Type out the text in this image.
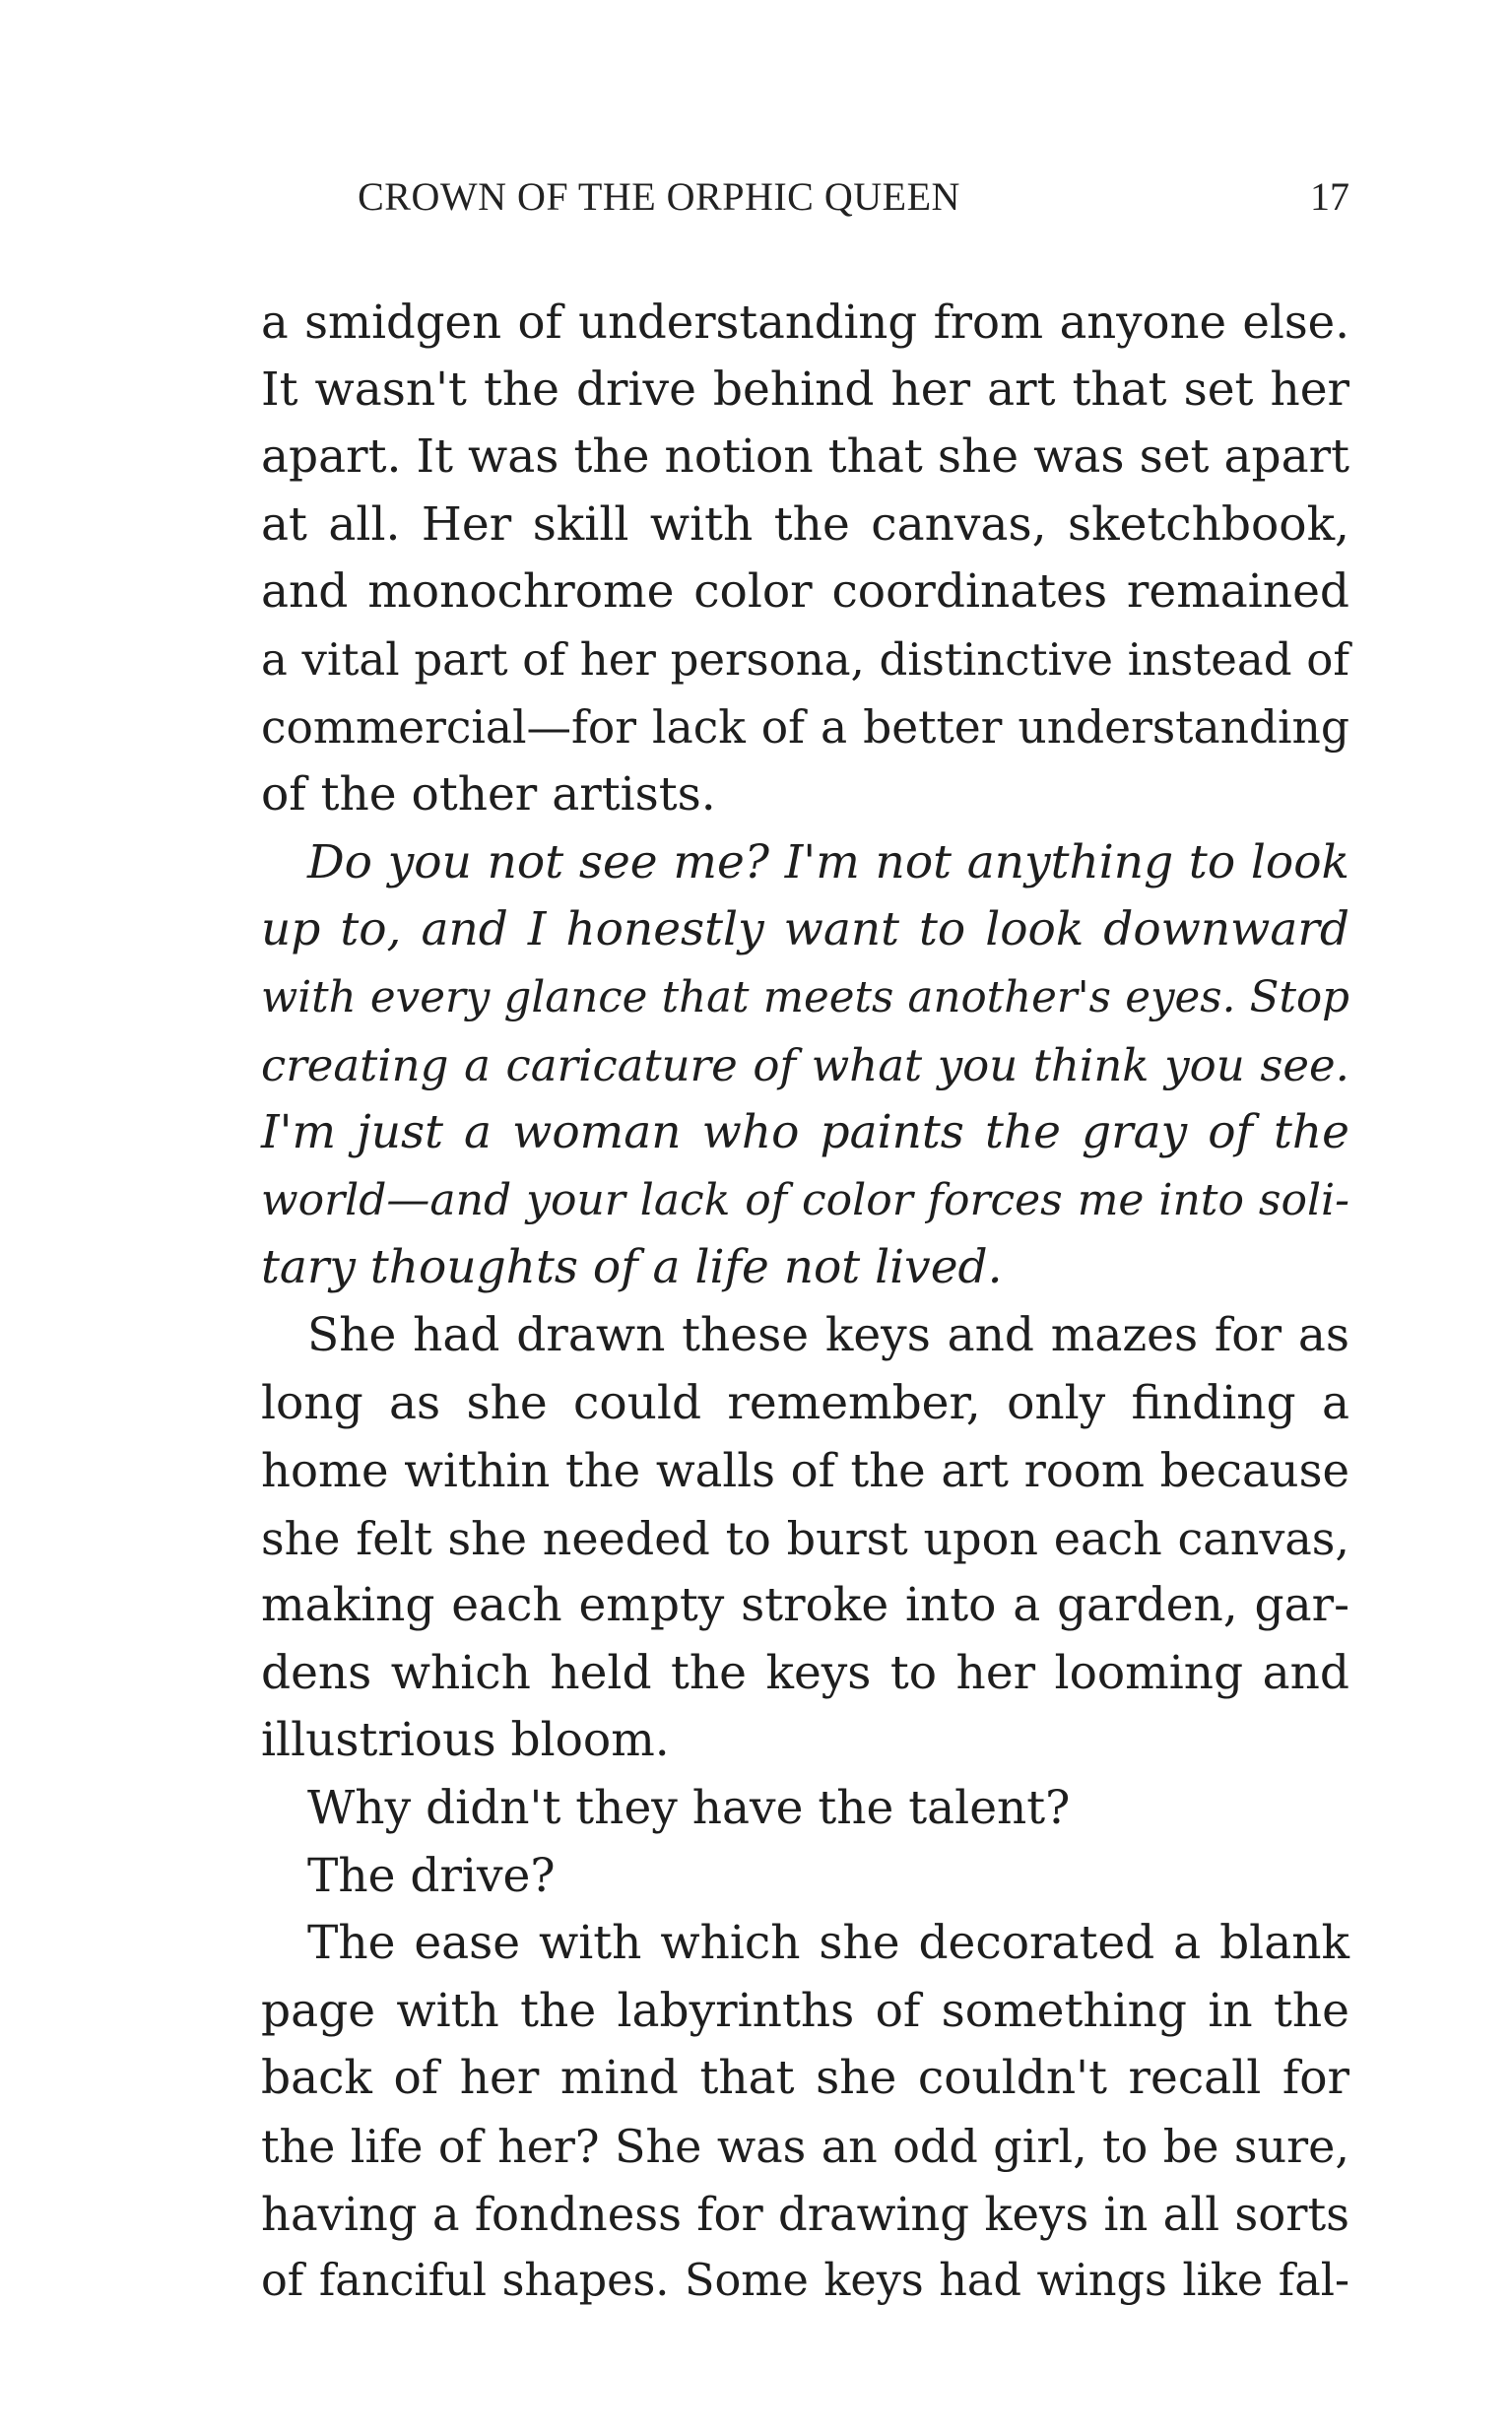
CROWN OF THE ORPHIC QUEEN	17
a smidgen of understanding from anyone else.
It wasn't the drive behind her art that set her
apart. It was the notion that she was set apart
at all. Her skill with the canvas, sketchbook,
and monochrome color coordinates remained
a vital part of her persona, distinctive instead of
commercial—for lack of a better understanding
of the other artists.
Do you not see me? I'm not anything to look
up to, and I honestly want to look downward
with every glance that meets another's eyes. Stop
creating a caricature of what you think you see.
I'm just a woman who paints the gray of the
world—and your lack of color forces me into soli-
tary thoughts of a life not lived.
She had drawn these keys and mazes for as
long as she could remember, only finding a
home within the walls of the art room because
she felt she needed to burst upon each canvas,
making each empty stroke into a garden, gar-
dens which held the keys to her looming and
illustrious bloom.
Why didn't they have the talent?
The drive?
The ease with which she decorated a blank
page with the labyrinths of something in the
back of her mind that she couldn't recall for
the life of her? She was an odd girl, to be sure,
having a fondness for drawing keys in all sorts
of fanciful shapes. Some keys had wings like fal-
